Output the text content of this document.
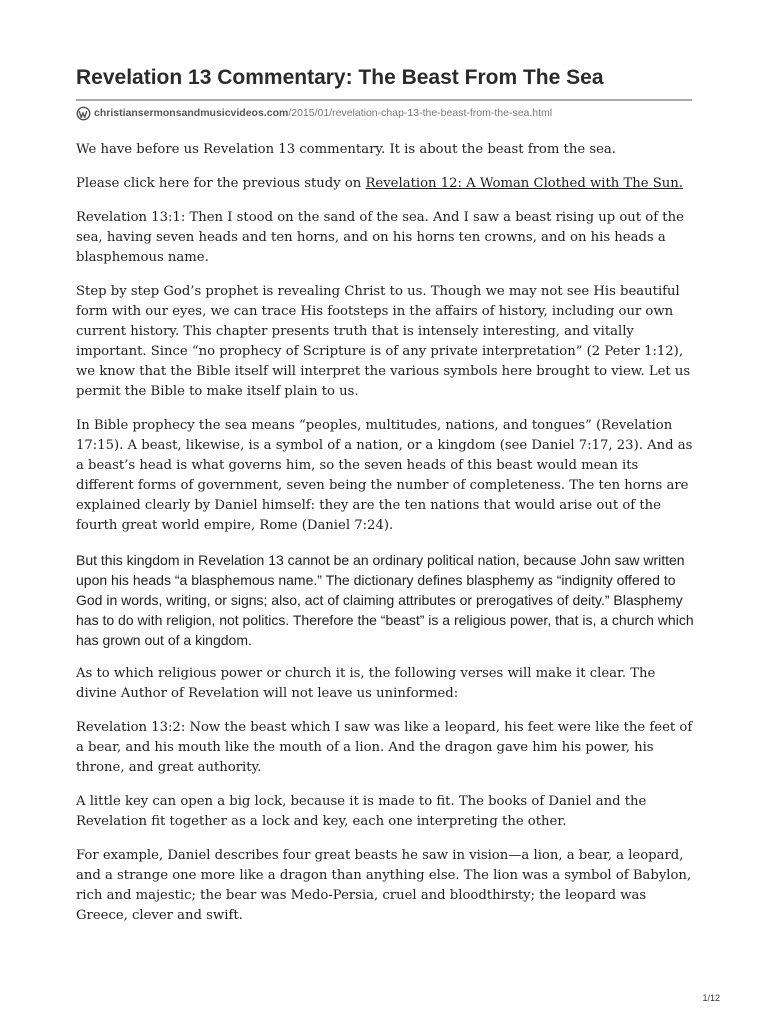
Revelation 13 Commentary: The Beast From The Sea
christiansermonsandmusicvideos.com /2015/01/revelation-chap-13-the-beast-from-the-sea.html

We have before us Revelation 13 commentary. It is about the beast from the sea.

Please click here for the previous study on Revelation 12: A Woman Clothed with The Sun.

Revelation 13:1: Then I stood on the sand of the sea. And I saw a beast rising up out of the sea, having seven heads and ten horns, and on his horns ten crowns, and on his heads a blasphemous name.

Step by step God’s prophet is revealing Christ to us. Though we may not see His beautiful form with our eyes, we can trace His footsteps in the affairs of history, including our own current history. This chapter presents truth that is intensely interesting, and vitally important. Since “no prophecy of Scripture is of any private interpretation” (2 Peter 1:12), we know that the Bible itself will interpret the various symbols here brought to view. Let us permit the Bible to make itself plain to us.

In Bible prophecy the sea means “peoples, multitudes, nations, and tongues” (Revelation 17:15). A beast, likewise, is a symbol of a nation, or a kingdom (see Daniel 7:17, 23). And as a beast’s head is what governs him, so the seven heads of this beast would mean its different forms of government, seven being the number of completeness. The ten horns are explained clearly by Daniel himself: they are the ten nations that would arise out of the fourth great world empire, Rome (Daniel 7:24).

But this kingdom in Revelation 13 cannot be an ordinary political nation, because John saw written upon his heads “a blasphemous name.” The dictionary defines blasphemy as “indignity offered to God in words, writing, or signs; also, act of claiming attributes or prerogatives of deity.” Blasphemy has to do with religion, not politics. Therefore the “beast” is a religious power, that is, a church which has grown out of a kingdom.

As to which religious power or church it is, the following verses will make it clear. The divine Author of Revelation will not leave us uninformed:

Revelation 13:2: Now the beast which I saw was like a leopard, his feet were like the feet of a bear, and his mouth like the mouth of a lion. And the dragon gave him his power, his throne, and great authority.

A little key can open a big lock, because it is made to fit. The books of Daniel and the Revelation fit together as a lock and key, each one interpreting the other.

For example, Daniel describes four great beasts he saw in vision—a lion, a bear, a leopard, and a strange one more like a dragon than anything else. The lion was a symbol of Babylon, rich and majestic; the bear was Medo-Persia, cruel and bloodthirsty; the leopard was Greece, clever and swift.

1/12
